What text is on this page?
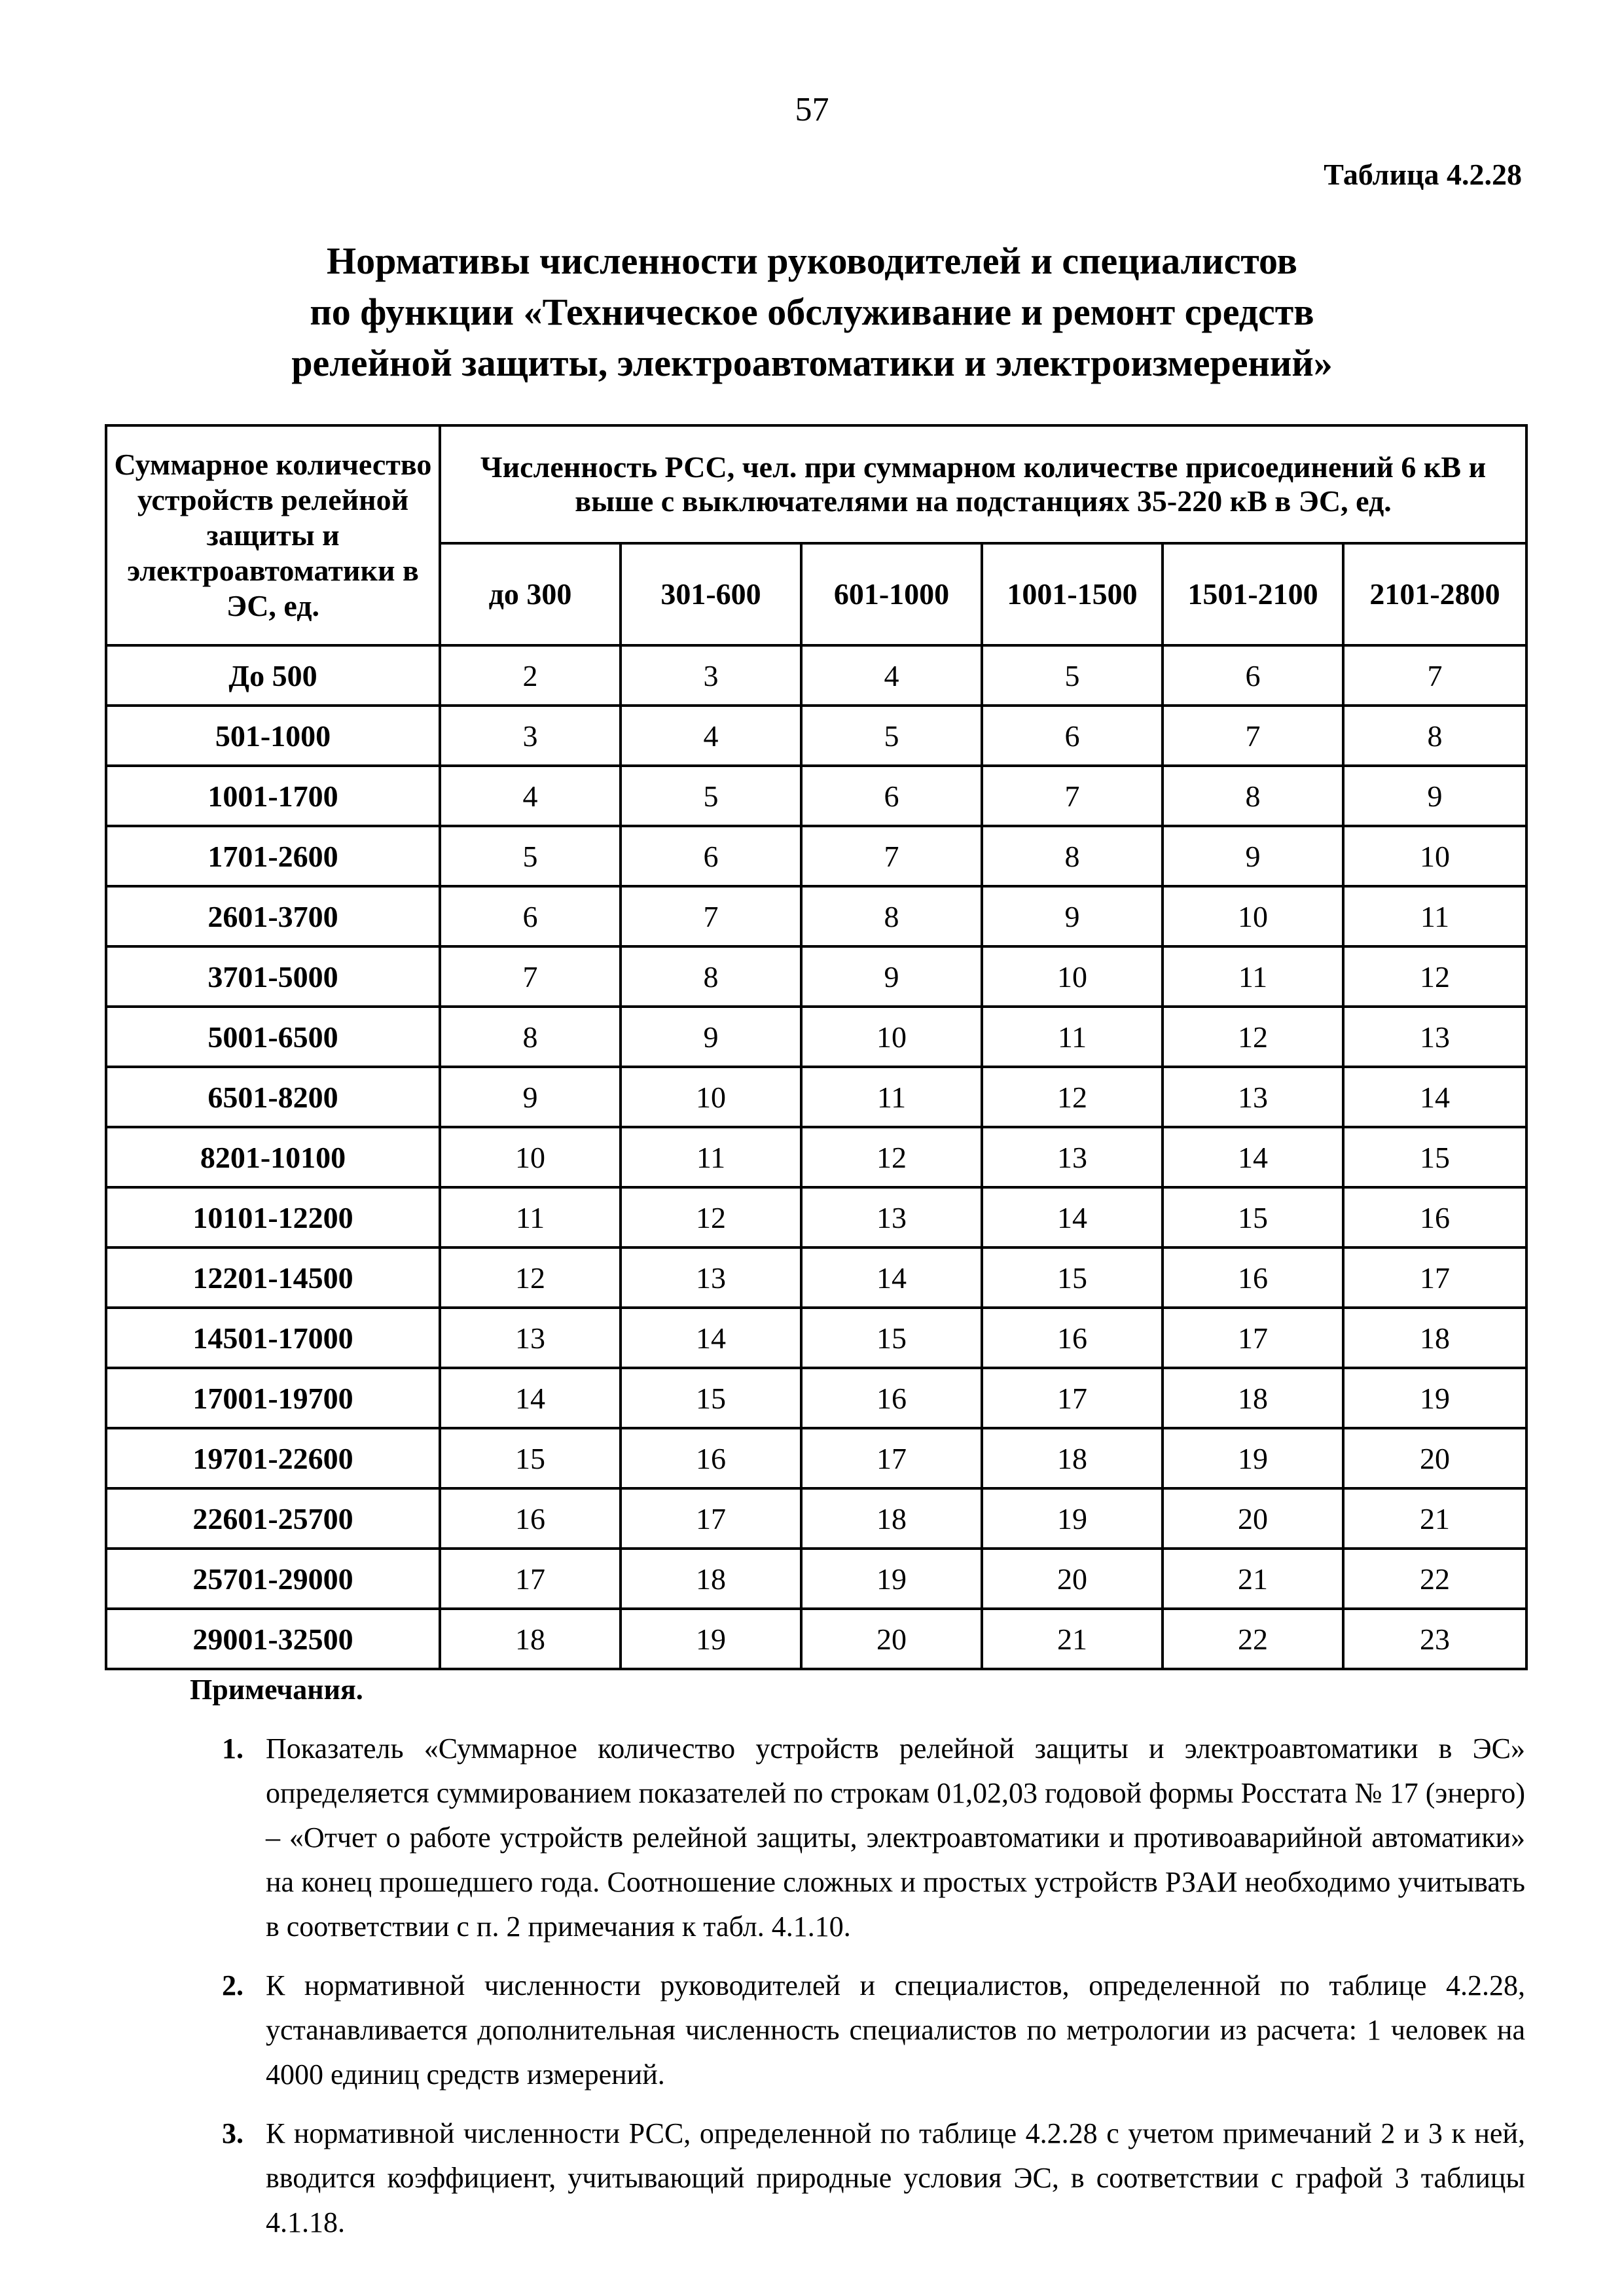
57
Таблица 4.2.28
Нормативы численности руководителей и специалистов
по функции «Техническое обслуживание и ремонт средств
релейной защиты, электроавтоматики и электроизмерений»
Суммарное количество устройств релейной защиты и электроавтоматики в ЭС, ед.	Численность РСС, чел. при суммарном количестве присоединений 6 кВ и выше с выключателями на подстанциях 35-220 кВ в ЭС, ед.					
	до 300	301-600	601-1000	1001-1500	1501-2100	2101-2800
До 500	2	3	4	5	6	7
501-1000	3	4	5	6	7	8
1001-1700	4	5	6	7	8	9
1701-2600	5	6	7	8	9	10
2601-3700	6	7	8	9	10	11
3701-5000	7	8	9	10	11	12
5001-6500	8	9	10	11	12	13
6501-8200	9	10	11	12	13	14
8201-10100	10	11	12	13	14	15
10101-12200	11	12	13	14	15	16
12201-14500	12	13	14	15	16	17
14501-17000	13	14	15	16	17	18
17001-19700	14	15	16	17	18	19
19701-22600	15	16	17	18	19	20
22601-25700	16	17	18	19	20	21
25701-29000	17	18	19	20	21	22
29001-32500	18	19	20	21	22	23
Примечания.
1. Показатель «Суммарное количество устройств релейной защиты и электроавтоматики в ЭС» определяется суммированием показателей по строкам 01,02,03 годовой формы Росстата № 17 (энерго) – «Отчет о работе устройств релейной защиты, электроавтоматики и противоаварийной автоматики» на конец прошедшего года. Соотношение сложных и простых устройств РЗАИ необходимо учитывать в соответствии с п. 2 примечания к табл. 4.1.10.
2. К нормативной численности руководителей и специалистов, определенной по таблице 4.2.28, устанавливается дополнительная численность специалистов по метрологии из расчета: 1 человек на 4000 единиц средств измерений.
3. К нормативной численности РСС, определенной по таблице 4.2.28 с учетом примечаний 2 и 3 к ней, вводится коэффициент, учитывающий природные условия ЭС, в соответствии с графой 3 таблицы 4.1.18.
